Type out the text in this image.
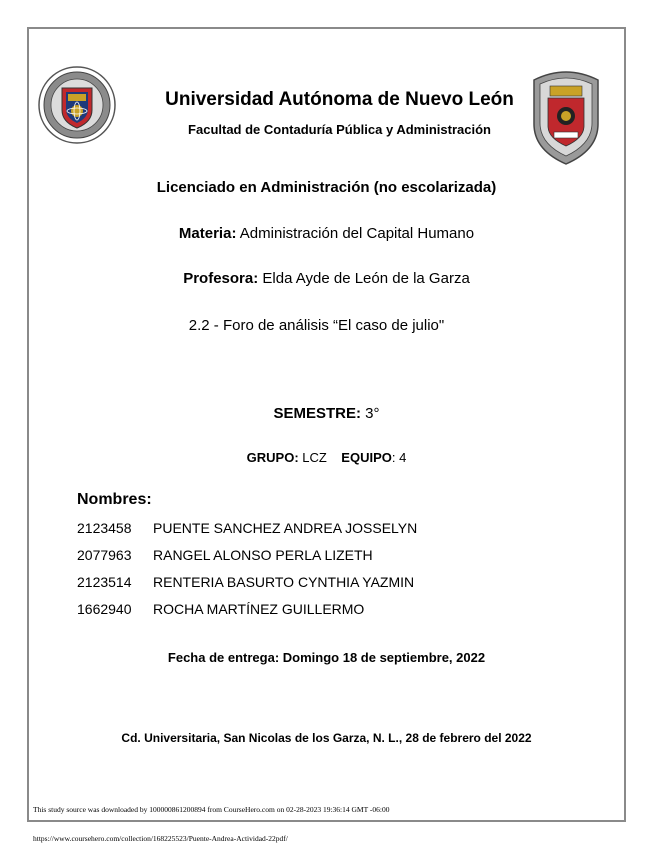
Universidad Autónoma de Nuevo León
Facultad de Contaduría Pública y Administración
Licenciado en Administración (no escolarizada)
Materia: Administración del Capital Humano
Profesora: Elda Ayde de León de la Garza
2.2 - Foro de análisis “El caso de julio"
SEMESTRE: 3°
GRUPO: LCZ EQUIPO: 4
Nombres:
2123458 PUENTE SANCHEZ ANDREA JOSSELYN
2077963 RANGEL ALONSO PERLA LIZETH
2123514 RENTERIA BASURTO CYNTHIA YAZMIN
1662940 ROCHA MARTÍNEZ GUILLERMO
Fecha de entrega: Domingo 18 de septiembre, 2022
Cd. Universitaria, San Nicolas de los Garza, N. L., 28 de febrero del 2022
This study source was downloaded by 100000861200894 from CourseHero.com on 02-28-2023 19:36:14 GMT -06:00
https://www.coursehero.com/collection/168225523/Puente-Andrea-Actividad-22pdf/
